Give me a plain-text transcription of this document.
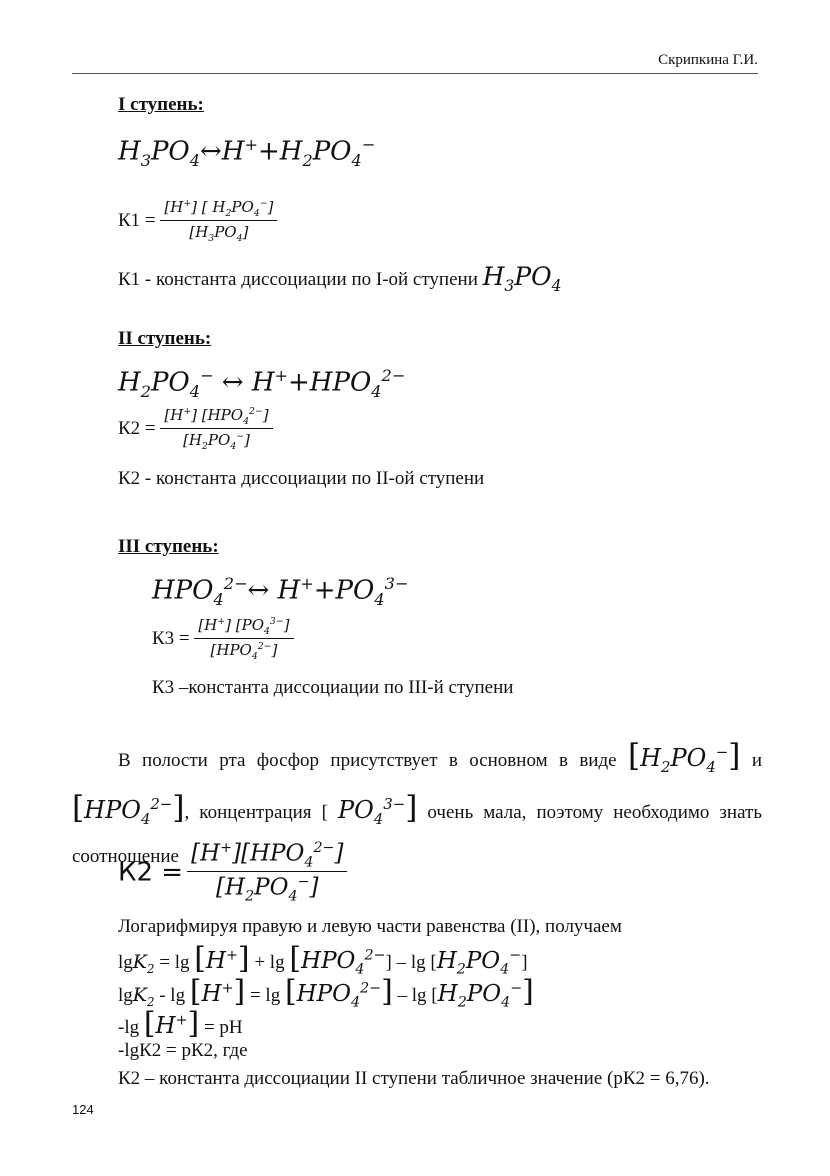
Скрипкина Г.И.
I ступень:
$H_3PO_4\leftrightarrow H^++H_2PO_4^-$
$К1 = \frac{[H^+] [ H_2PO_4^-]}{[H_3PO_4]}$
К1 - константа диссоциации по I-ой ступени $H_3PO_4$
II ступень:
$H_2PO_4^-$ ↔ $H^++HPO_4^{2-}$
$К2 = \frac{[H^+] [HPO_4^{2-}]}{[H_2PO_4^-]}$
К2 - константа диссоциации по II-ой ступени
III ступень:
$HPO_4^{2-}\leftrightarrow$ $H^++PO_4^{3-}$
$К3 = \frac{[H^+] [PO_4^{3-}]}{[HPO_4^{2-}]}$
К3 –константа диссоциации по III-й ступени
В полости рта фосфор присутствует в основном в виде $[H_2PO_4^-]$ и $[HPO_4^{2-}]$, концентрация [ $PO_4^{3-}$] очень мала, поэтому необходимо знать соотношение
$К2 = \frac{[H^+][HPO_4^{2-}]}{[H_2PO_4^-]}$
Логарифмируя правую и левую части равенства (II), получаем
$\lg K_2 = \lg [H^+] + \lg [HPO_4^{2-}] - \lg [H_2PO_4^-]$
$\lg K_2 - \lg [H^+] = \lg [HPO_4^{2-}] - \lg [H_2PO_4^-]$
-lg [H+] = pH
-lgК2 = рК2, где
К2 – константа диссоциации II ступени табличное значение (рК2 = 6,76).
124
